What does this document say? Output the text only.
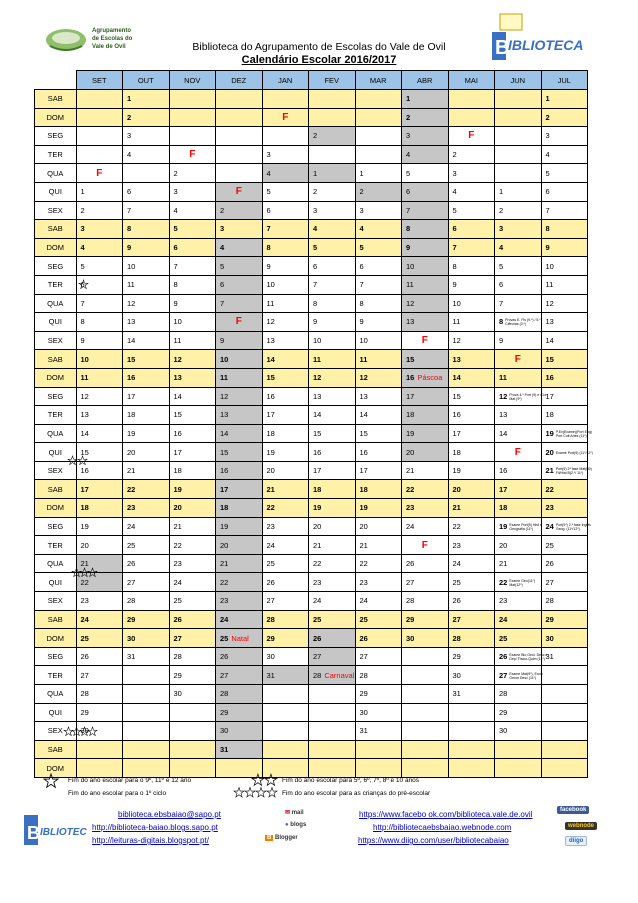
Agrupamento
de Escolas do
Vale de Ovil	B
IBLIOTECA
Biblioteca do Agrupamento de Escolas do Vale de Ovil
Calendário Escolar 2016/2017
	SET	OUT	NOV	DEZ	JAN	FEV	MAR	ABR	MAI	JUN	JUL
SAB		1						1			1
DOM		2			F			2			2
SEG		3				2		3	F		3
TER		4	F		3			4	2		4
QUA	F		2		4	1	1	5	3		5
QUI	1	6	3	F	5	2	2	6	4	1	6
SEX	2	7	4	2	6	3	3	7	5	2	7
SAB	3	8	5	3	7	4	4	8	6	3	8
DOM	4	9	6	4	8	5	5	9	7	4	9
SEG	5	10	7	5	9	6	6	10	8	5	10
TER	6	11	8	6	10	7	7	11	9	6	11
QUA	7	12	9	7	11	8	8	12	10	7	12
QUI	8	13	10	F	12	9	9	13	11	8 Provas E. Fis (9.º) / 5.º Ciências (3.º)	13
SEX	9	14	11	9	13	10	10	F	12	9	14
SAB	10	15	12	10	14	11	11	15	13	F	15
DOM	11	16	13	11	15	12	12	16 Páscoa	14	11	16
SEG	12	17	14	12	16	13	13	17	15	12 Prova 4.º Port (9) e Cl.e Mat (9º)	17
TER	13	18	15	13	17	14	14	18	16	13	18
QUA	14	19	16	14	18	15	15	19	17	14	19 P.Ex(Exame)(Port Eng) Port Cult Artes (11º)
QUI	15	20	17	15	19	16	16	20	18	F	20 Exame Port(9) (11º/12º)
SEX	16	21	18	16	20	17	17	21	19	16	21 Port(9) 2ª fase Mat(B9) Fil/Hist B(2.º/ 11º)
SAB	17	22	19	17	21	18	18	22	20	17	22
DOM	18	23	20	18	22	19	19	23	21	18	23
SEG	19	24	21	19	23	20	20	24	22	19 Exame Port(9) Hist e Geografia (11º)	24 Port(9º) 2.ª fase Inglês Geog. (11º/12º)
TER	20	25	22	20	24	21	21	F	23	20	25
QUA	21	26	23	21	25	22	22	26	24	21	26
QUI	22	27	24	22	26	23	23	27	25	22 Exame Geo(11º) Mat(12º)	27
SEX	23	28	25	23	27	24	24	28	26	23	28
SAB	24	29	26	24	28	25	25	29	27	24	29
DOM	25	30	27	25 Natal	29	26	26	30	28	25	30
SEG	26	31	28	26	30	27	27		29	26 Exame Bio Geol. Desc.e Dep/ Físico-Quim (11º)	31
TER	27		29	27	31	28 Carnaval	28		30	27 Exame Mat(9º), Econ Geom Desc (11º)	
QUA	28		30	28			29		31	28	
QUI	29			29			30			29	
SEX	30			30			31			30	
SAB				31							
DOM											
Fim do ano escolar para o 9º, 11º e 12 ano
Fim do ano escolar para o 1º ciclo
Fim do ano escolar para 5º, 6º, 7º, 8º e 10 anos
Fim do ano escolar para as crianças do pré-escolar
B IBLIOTEC
biblioteca.ebsbaiao@sapo.pt
http://biblioteca-baiao.blogs.sapo.pt
http://leituras-digitais.blogspot.pt/
✉ mail
● blogs
B Blogger
https://www.facebo ok.com/biblioteca.vale.de.ovil
http://bibliotecaebsbaiao.webnode.com
https://www.diigo.com/user/bibliotecabaiao
facebook
webnode
diigo
